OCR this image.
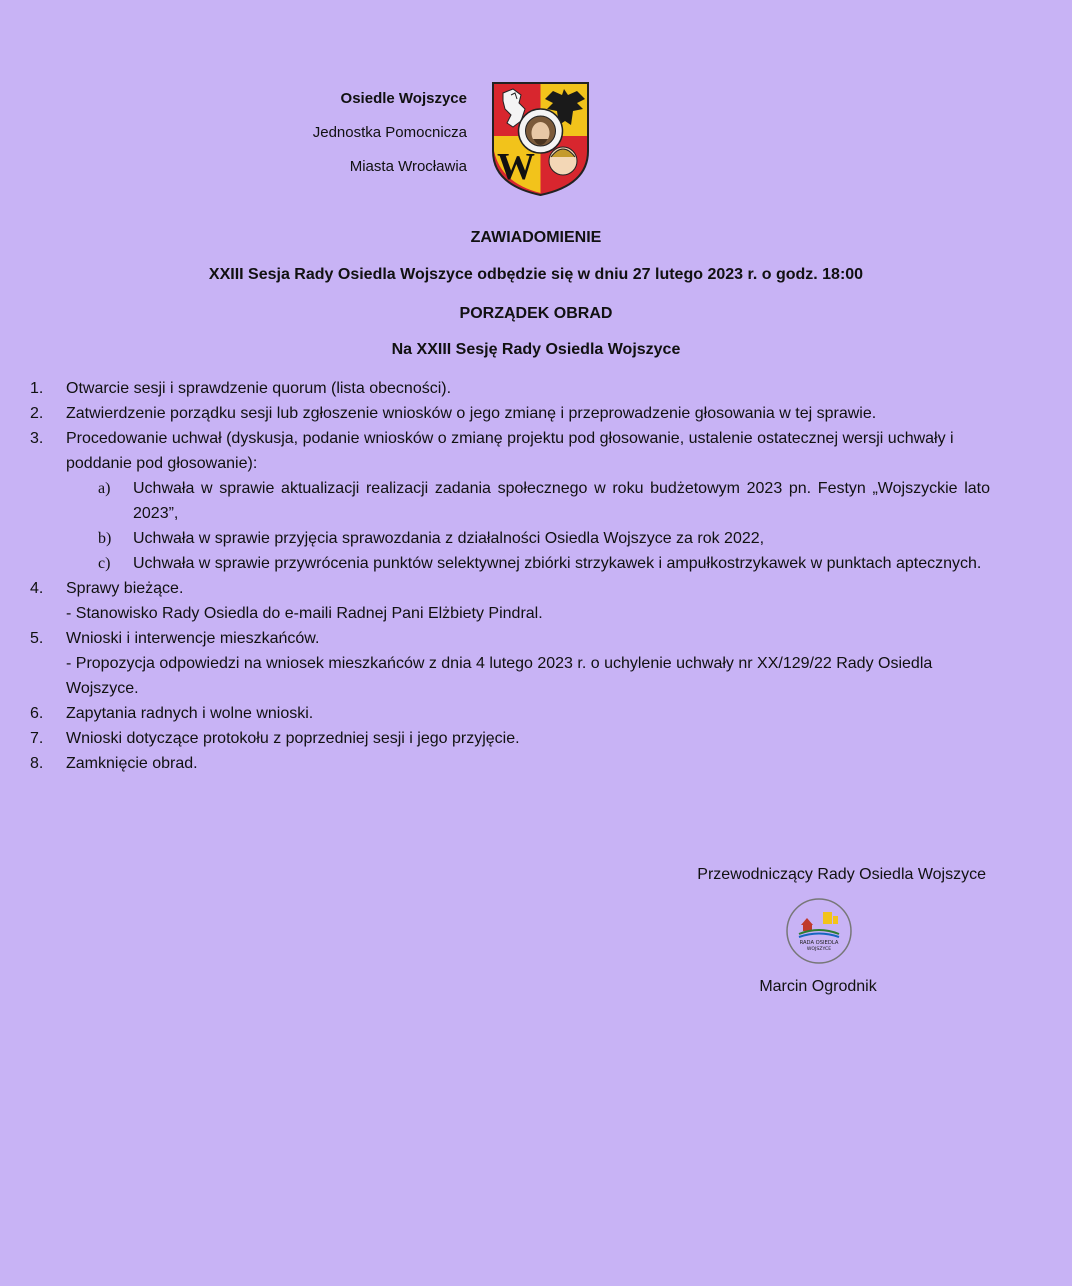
Osiedle Wojszyce
Jednostka Pomocnicza
Miasta Wrocławia W
ZAWIADOMIENIE
XXIII Sesja Rady Osiedla Wojszyce odbędzie się w dniu 27 lutego 2023 r. o godz. 18:00
PORZĄDEK OBRAD
Na XXIII Sesję Rady Osiedla Wojszyce
1.	Otwarcie sesji i sprawdzenie quorum (lista obecności).
2.	Zatwierdzenie porządku sesji lub zgłoszenie wniosków o jego zmianę i przeprowadzenie głosowania w tej sprawie.
3.	Procedowanie uchwał (dyskusja, podanie wniosków o zmianę projektu pod głosowanie, ustalenie ostatecznej wersji uchwały i poddanie pod głosowanie):
a)	Uchwała w sprawie aktualizacji realizacji zadania społecznego w roku budżetowym 2023 pn. Festyn „Wojszyckie lato 2023”,
b)	Uchwała w sprawie przyjęcia sprawozdania z działalności Osiedla Wojszyce za rok 2022,
c)	Uchwała w sprawie przywrócenia punktów selektywnej zbiórki strzykawek i ampułkostrzykawek w punktach aptecznych.
4.	Sprawy bieżące.
- Stanowisko Rady Osiedla do e-maili Radnej Pani Elżbiety Pindral.
5.	Wnioski i interwencje mieszkańców.
- Propozycja odpowiedzi na wniosek mieszkańców z dnia 4 lutego 2023 r. o uchylenie uchwały nr XX/129/22 Rady Osiedla Wojszyce.
6.	Zapytania radnych i wolne wnioski.
7.	Wnioski dotyczące protokołu z poprzedniej sesji i jego przyjęcie.
8.	Zamknięcie obrad.
Przewodniczący Rady Osiedla Wojszyce
RADA OSIEDLA
WOJSZYCE
Marcin Ogrodnik
